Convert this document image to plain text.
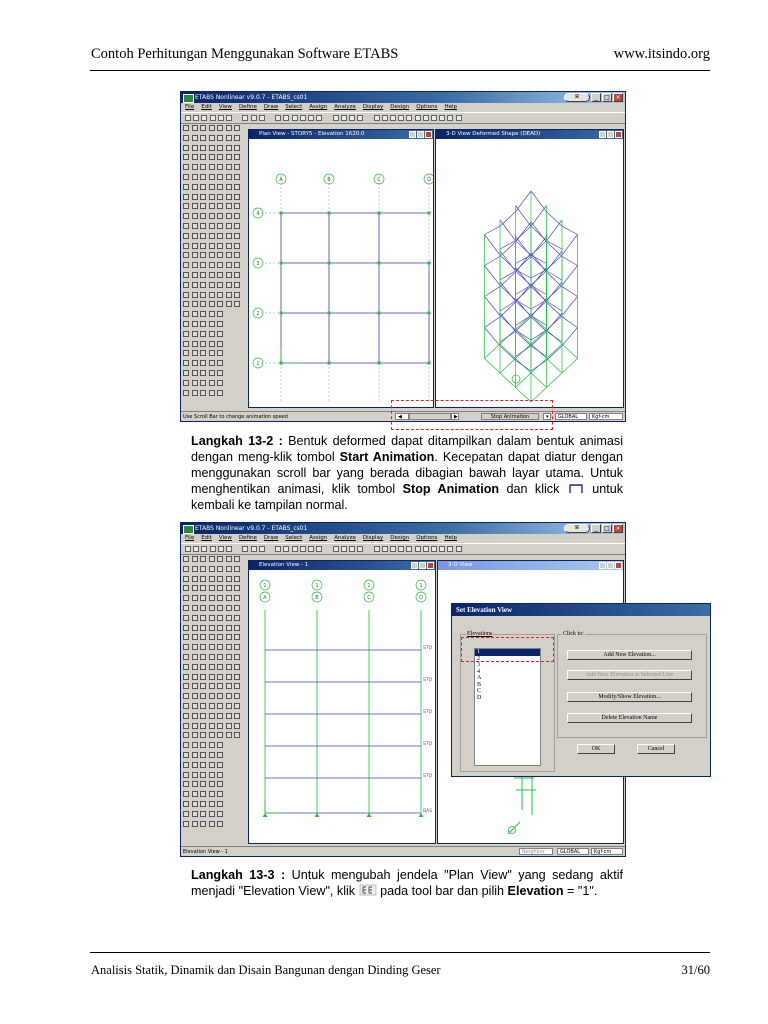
Contoh Perhitungan Menggunakan Software ETABS	www.itsindo.org
Analisis Statik, Dinamik dan Disain Bangunan dengan Dinding Geser	31/60
ETABS Nonlinear v9.0.7 - ETABS_cs01	ꕤ	_	□ ×
File Edit View Define Draw Select Assign Analyze Display Design Options Help
Plan View - STORY5 - Elevation 1620.0
A	B	C	D
4
3
2
1
3-D View Deformed Shape (DEAD)
Use Scroll Bar to change animation speed	◀	▶	Stop Animation	▾	GLOBAL	Kgf-cm
Langkah 13-2 : Bentuk deformed dapat ditampilkan dalam bentuk animasi dengan meng-klik tombol Start Animation. Kecepatan dapat diatur dengan menggunakan scroll bar yang berada dibagian bawah layar utama. Untuk menghentikan animasi, klik tombol Stop Animation dan klick  untuk kembali ke tampilan normal.
ETABS Nonlinear v9.0.7 - ETABS_cs01	ꕤ	_	□ ×
File Edit View Define Draw Select Assign Analyze Display Design Options Help
Elevation View - 1
1
A
1
B
1
C
1
D
STO
STO
STO
STO
STO
BAS
3-D View
Elevation View - 1	Neighbor	GLOBAL	Kgf-cm
Set Elevation View
Elevations
1
2
3
4
A
B
C
D
Click to:
Add New Elevation...
Add New Elevation at Selected Line
Modify/Show Elevation...
Delete Elevation Name
OK	Cancel
Langkah 13-3 : Untuk mengubah jendela "Plan View" yang sedang aktif menjadi "Elevation View", klik  pada tool bar dan pilih Elevation = "1".
